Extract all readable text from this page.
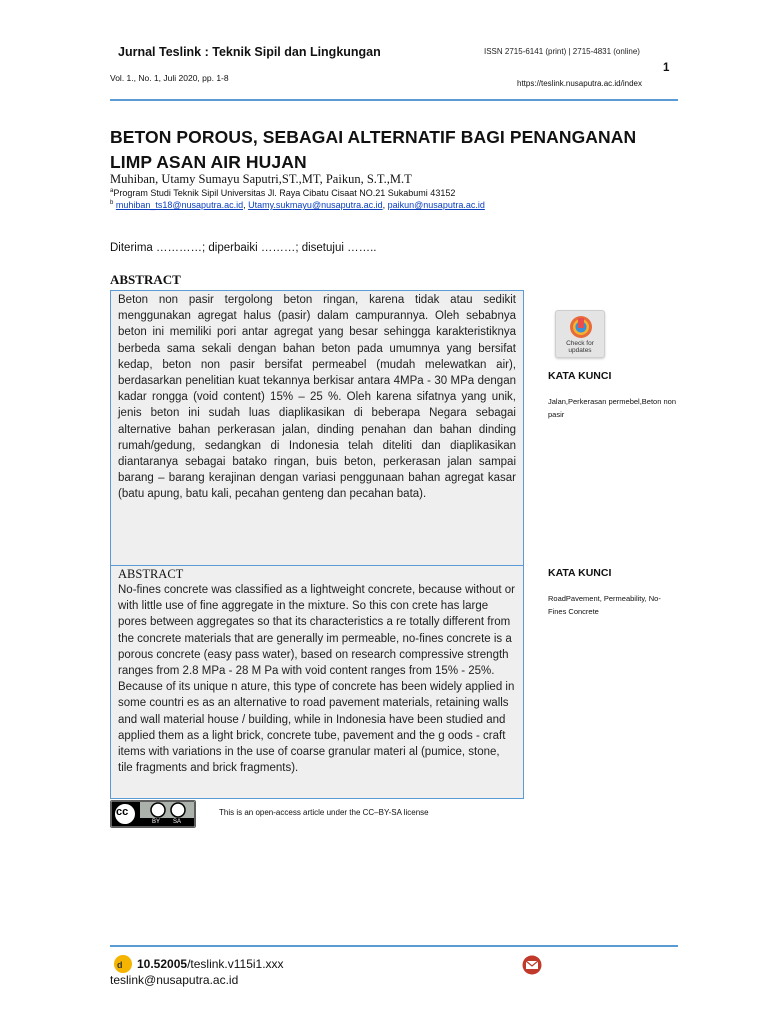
Jurnal Teslink : Teknik Sipil dan Lingkungan	ISSN 2715-6141 (print) | 2715-4831 (online)
Vol. 1., No. 1, Juli 2020, pp. 1-8
1
https://teslink.nusaputra.ac.id/index
BETON POROUS, SEBAGAI ALTERNATIF BAGI PENANGANAN LIMP ASAN AIR HUJAN
Muhiban, Utamy Sumayu Saputri,ST.,MT, Paikun, S.T.,M.T
$^a$Program Studi Teknik Sipil Universitas Jl. Raya Cibatu Cisaat NO.21 Sukabumi 43152
$^b$ muhiban_ts18@nusaputra.ac.id, Utamy.sukmayu@nusaputra.ac.id, paikun@nusaputra.ac.id
Diterima …………; diperbaiki ………; disetujui ……..
ABSTRACT
Beton non pasir tergolong beton ringan, karena tidak atau sedikit menggunakan agregat halus (pasir) dalam campurannya. Oleh sebabnya beton ini memiliki pori antar agregat yang besar sehingga karakteristiknya berbeda sama sekali dengan bahan beton pada umumnya yang bersifat kedap, beton non pasir bersifat permeabel (mudah melewatkan air), berdasarkan penelitian kuat tekannya berkisar antara 4MPa - 30 MPa dengan kadar rongga (void content) 15% – 25 %. Oleh karena sifatnya yang unik, jenis beton ini sudah luas diaplikasikan di beberapa Negara sebagai alternative bahan perkerasan jalan, dinding penahan dan bahan dinding rumah/gedung, sedangkan di Indonesia telah diteliti dan diaplikasikan diantaranya sebagai batako ringan, buis beton, perkerasan jalan sampai barang – barang kerajinan dengan variasi penggunaan bahan agregat kasar (batu apung, batu kali, pecahan genteng dan pecahan bata).
ABSTRACT
No-fines concrete was classified as a lightweight concrete, because without or with little use of fine aggregate in the mixture. So this con crete has large pores between aggregates so that its characteristics a re totally different from the concrete materials that are generally im permeable, no-fines concrete is a porous concrete (easy pass water), based on research compressive strength ranges from 2.8 MPa - 28 M Pa with void content ranges from 15% - 25%. Because of its unique n ature, this type of concrete has been widely applied in some countri es as an alternative to road pavement materials, retaining walls and wall material house / building, while in Indonesia have been studied and applied them as a light brick, concrete tube, pavement and the g oods - craft items with variations in the use of coarse granular materi al (pumice, stone, tile fragments and brick fragments).
Check for updates
KATA KUNCI
Jalan,Perkerasan permebel,Beton non pasir
KATA KUNCI
RoadPavement, Permeability, No-Fines Concrete
cc
BY SA
This is an open-access article under the CC–BY-SA license
d 10.52005/teslink.v115i1.xxx
teslink@nusaputra.ac.id
